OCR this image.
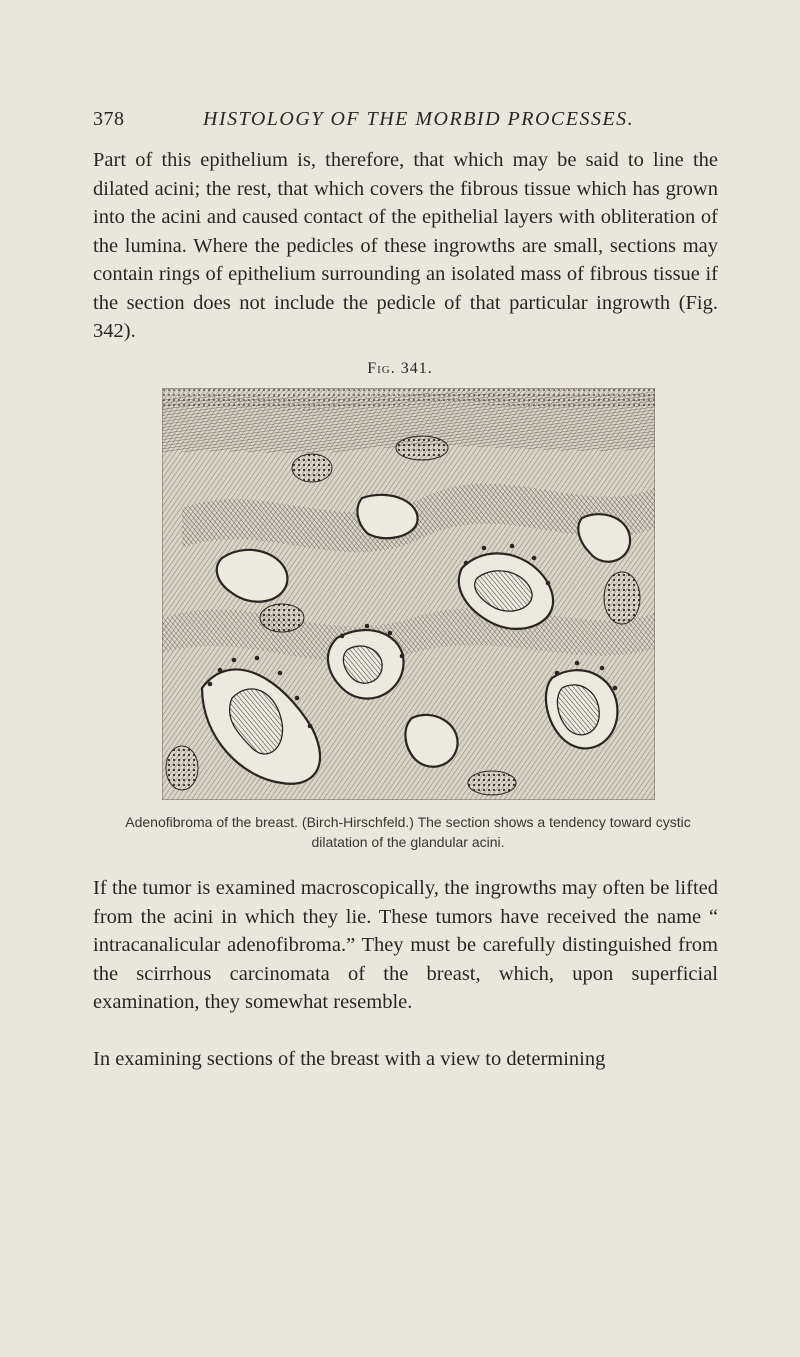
378	HISTOLOGY OF THE MORBID PROCESSES.

Part of this epithelium is, therefore, that which may be said to line the dilated acini; the rest, that which covers the fibrous tissue which has grown into the acini and caused contact of the epithelial layers with obliteration of the lumina. Where the pedicles of these ingrowths are small, sections may contain rings of epithelium surrounding an isolated mass of fibrous tissue if the section does not include the pedicle of that particular ingrowth (Fig. 342).

Fig. 341.
Adenofibroma of the breast. (Birch-Hirschfeld.) The section shows a tendency toward cystic dilatation of the glandular acini.

If the tumor is examined macroscopically, the ingrowths may often be lifted from the acini in which they lie. These tumors have received the name “ intracanalicular adenofibroma.” They must be carefully distinguished from the scirrhous carcinomata of the breast, which, upon superficial examination, they somewhat resemble.

In examining sections of the breast with a view to determining
